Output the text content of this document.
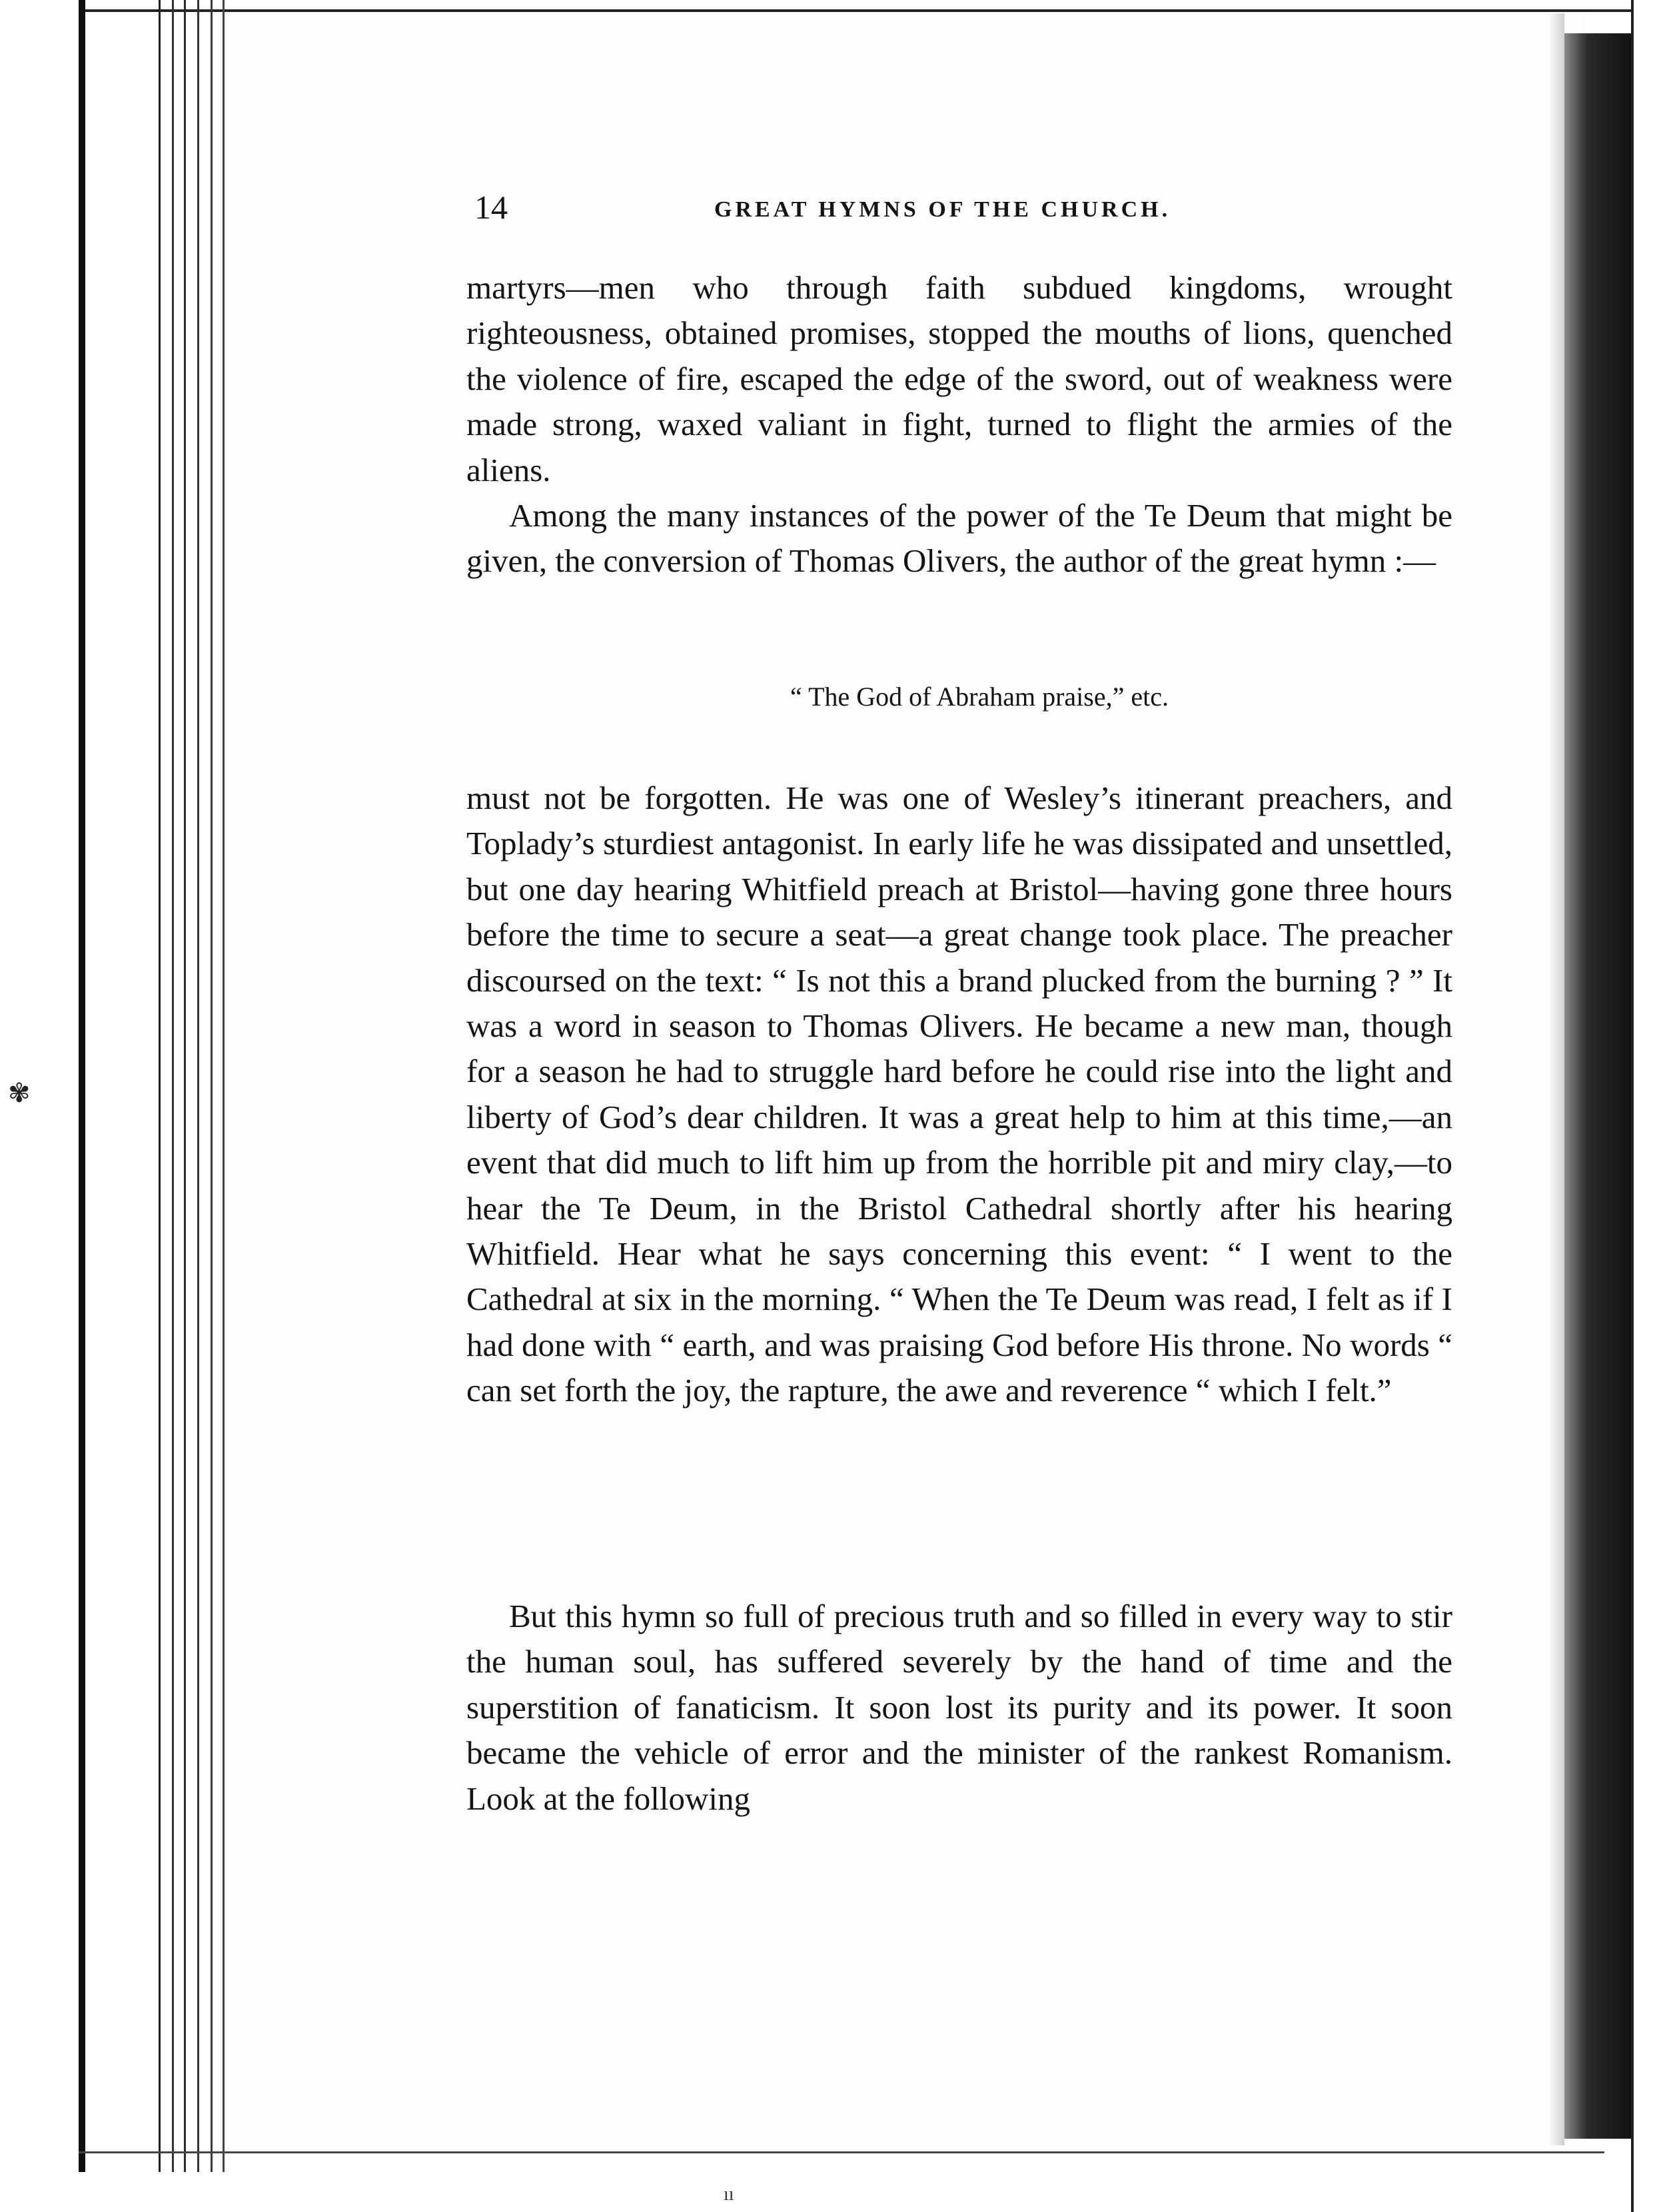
14	GREAT HYMNS OF THE CHURCH.

martyrs—men who through faith subdued kingdoms, wrought righteousness, obtained promises, stopped the mouths of lions, quenched the violence of fire, escaped the edge of the sword, out of weakness were made strong, waxed valiant in fight, turned to flight the armies of the aliens.

Among the many instances of the power of the Te Deum that might be given, the conversion of Thomas Olivers, the author of the great hymn :—

“ The God of Abraham praise,” etc.

must not be forgotten. He was one of Wesley’s itinerant preachers, and Toplady’s sturdiest antagonist. In early life he was dissipated and unsettled, but one day hearing Whitfield preach at Bristol—having gone three hours before the time to secure a seat—a great change took place. The preacher discoursed on the text: “ Is not this a brand plucked from the burning ? ” It was a word in season to Thomas Olivers. He became a new man, though for a season he had to struggle hard before he could rise into the light and liberty of God’s dear children. It was a great help to him at this time,—an event that did much to lift him up from the horrible pit and miry clay,—to hear the Te Deum, in the Bristol Cathedral shortly after his hearing Whitfield. Hear what he says concerning this event: “ I went to the Cathedral at six in the morning. “ When the Te Deum was read, I felt as if I had done with “ earth, and was praising God before His throne. No words “ can set forth the joy, the rapture, the awe and reverence “ which I felt.”

But this hymn so full of precious truth and so filled in every way to stir the human soul, has suffered severely by the hand of time and the superstition of fanaticism. It soon lost its purity and its power. It soon became the vehicle of error and the minister of the rankest Romanism. Look at the following

✾
ıı
